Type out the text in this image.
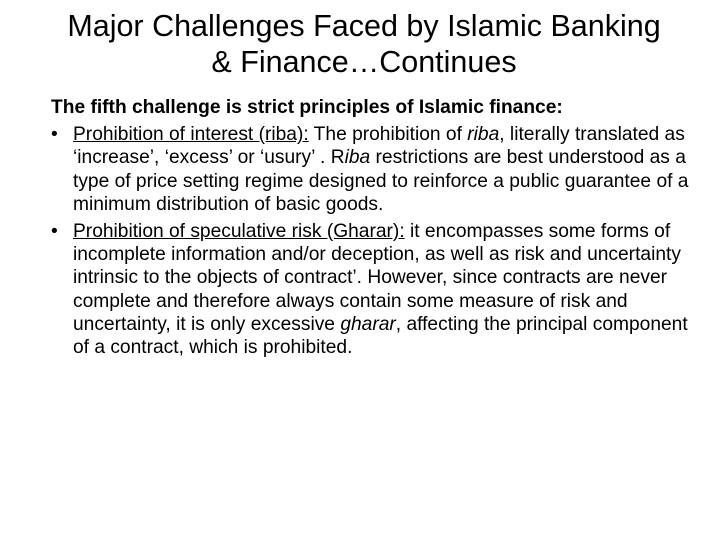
Major Challenges Faced by Islamic Banking
& Finance…Continues

The fifth challenge is strict principles of Islamic finance:

• Prohibition of interest (riba): The prohibition of riba, literally translated as ‘increase’, ‘excess’ or ‘usury’ . Riba restrictions are best understood as a type of price setting regime designed to reinforce a public guarantee of a minimum distribution of basic goods.

• Prohibition of speculative risk (Gharar): it encompasses some forms of incomplete information and/or deception, as well as risk and uncertainty intrinsic to the objects of contract’. However, since contracts are never complete and therefore always contain some measure of risk and uncertainty, it is only excessive gharar, affecting the principal component of a contract, which is prohibited.
